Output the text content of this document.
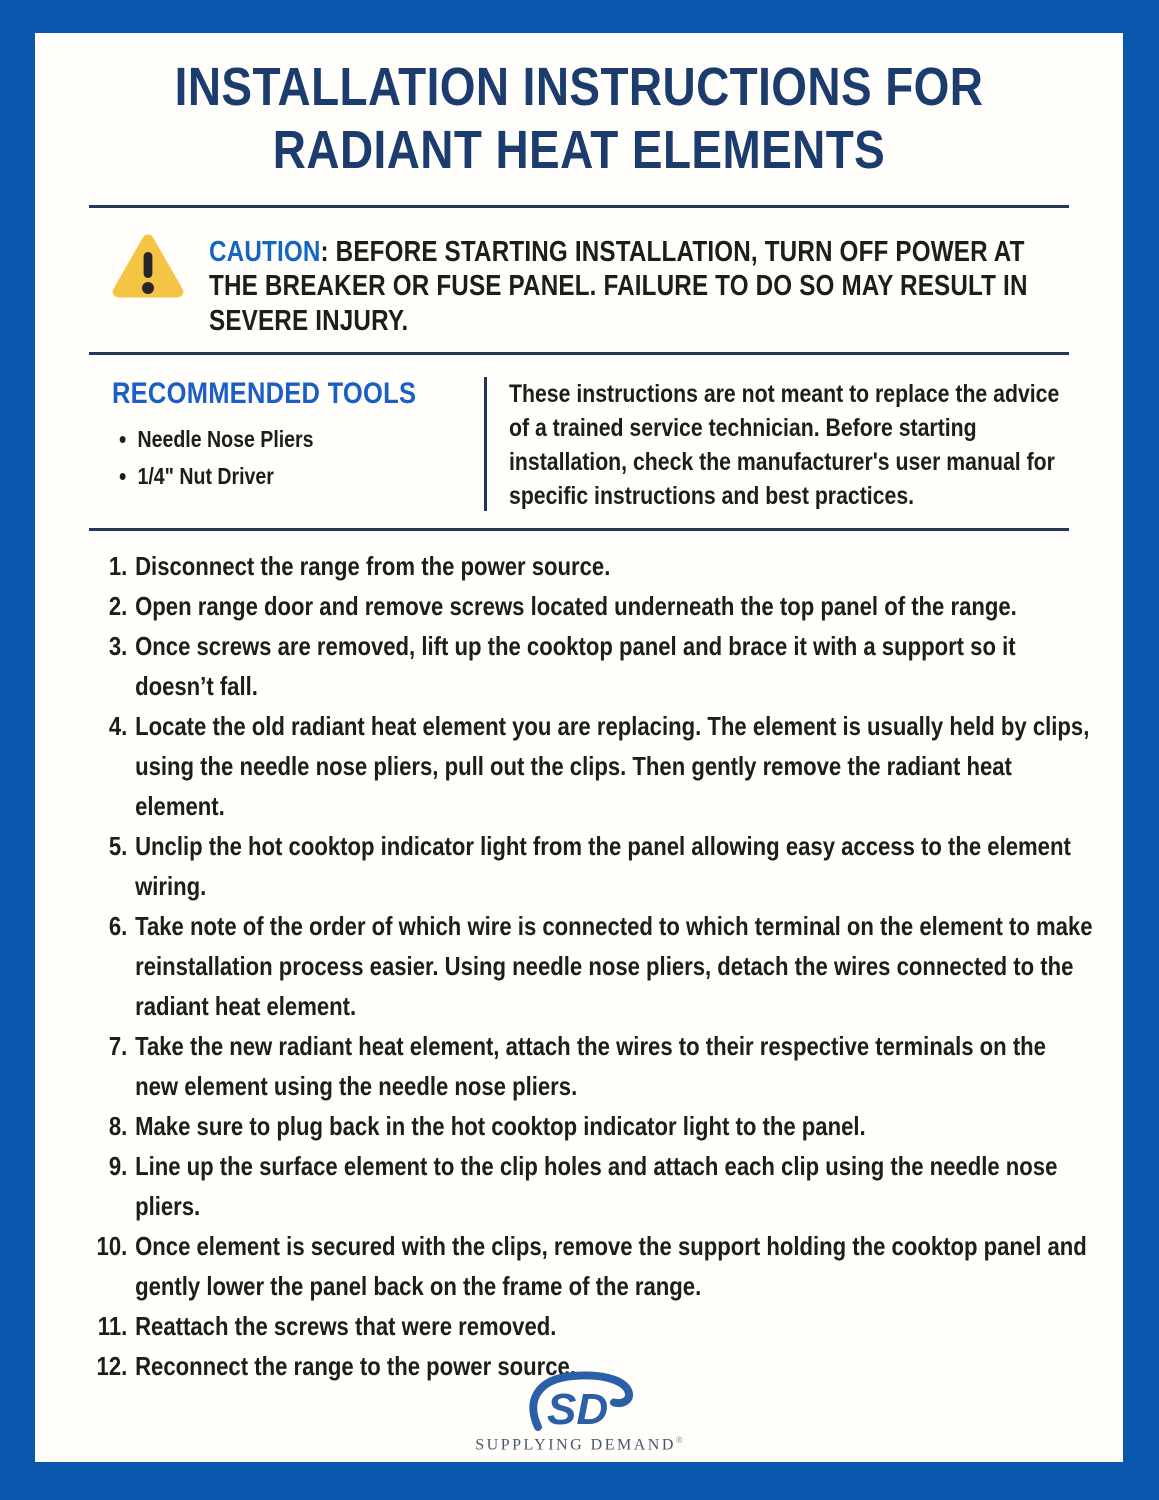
INSTALLATION INSTRUCTIONS FOR
RADIANT HEAT ELEMENTS

CAUTION: BEFORE STARTING INSTALLATION, TURN OFF POWER AT THE BREAKER OR FUSE PANEL. FAILURE TO DO SO MAY RESULT IN SEVERE INJURY.

RECOMMENDED TOOLS
• Needle Nose Pliers
• 1/4" Nut Driver

These instructions are not meant to replace the advice of a trained service technician. Before starting installation, check the manufacturer's user manual for specific instructions and best practices.

1. Disconnect the range from the power source.
2. Open range door and remove screws located underneath the top panel of the range.
3. Once screws are removed, lift up the cooktop panel and brace it with a support so it doesn’t fall.
4. Locate the old radiant heat element you are replacing. The element is usually held by clips, using the needle nose pliers, pull out the clips. Then gently remove the radiant heat element.
5. Unclip the hot cooktop indicator light from the panel allowing easy access to the element wiring.
6. Take note of the order of which wire is connected to which terminal on the element to make reinstallation process easier. Using needle nose pliers, detach the wires connected to the radiant heat element.
7. Take the new radiant heat element, attach the wires to their respective terminals on the new element using the needle nose pliers.
8. Make sure to plug back in the hot cooktop indicator light to the panel.
9. Line up the surface element to the clip holes and attach each clip using the needle nose pliers.
10. Once element is secured with the clips, remove the support holding the cooktop panel and gently lower the panel back on the frame of the range.
11. Reattach the screws that were removed.
12. Reconnect the range to the power source.
SD
SUPPLYING DEMAND®
